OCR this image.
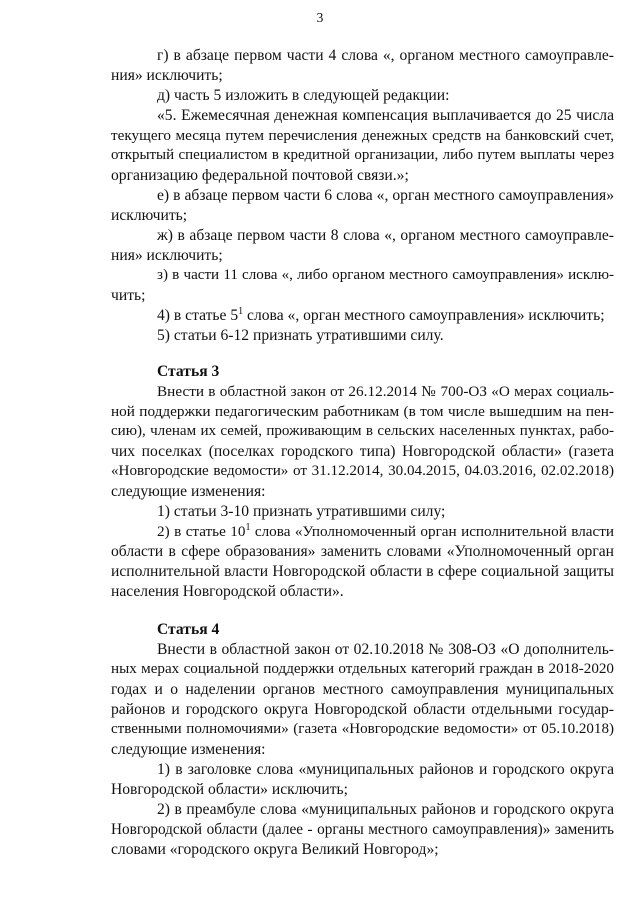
3
г) в абзаце первом части 4 слова «, органом местного самоуправле-
ния» исключить;
д) часть 5 изложить в следующей редакции:
«5. Ежемесячная денежная компенсация выплачивается до 25 числа
текущего месяца путем перечисления денежных средств на банковский счет,
открытый специалистом в кредитной организации, либо путем выплаты через
организацию федеральной почтовой связи.»;
е) в абзаце первом части 6 слова «, орган местного самоуправления»
исключить;
ж) в абзаце первом части 8 слова «, органом местного самоуправле-
ния» исключить;
з) в части 11 слова «, либо органом местного самоуправления» исклю-
чить;
4) в статье $5^1$ слова «, орган местного самоуправления» исключить;
5) статьи 6-12 признать утратившими силу.
Статья 3
Внести в областной закон от 26.12.2014 № 700-ОЗ «О мерах социаль-
ной поддержки педагогическим работникам (в том числе вышедшим на пен-
сию), членам их семей, проживающим в сельских населенных пунктах, рабо-
чих поселках (поселках городского типа) Новгородской области» (газета
«Новгородские ведомости» от 31.12.2014, 30.04.2015, 04.03.2016, 02.02.2018)
следующие изменения:
1) статьи 3-10 признать утратившими силу;
2) в статье $10^1$ слова «Уполномоченный орган исполнительной власти
области в сфере образования» заменить словами «Уполномоченный орган
исполнительной власти Новгородской области в сфере социальной защиты
населения Новгородской области».
Статья 4
Внести в областной закон от 02.10.2018 № 308-ОЗ «О дополнитель-
ных мерах социальной поддержки отдельных категорий граждан в 2018-2020
годах и о наделении органов местного самоуправления муниципальных
районов и городского округа Новгородской области отдельными государ-
ственными полномочиями» (газета «Новгородские ведомости» от 05.10.2018)
следующие изменения:
1) в заголовке слова «муниципальных районов и городского округа
Новгородской области» исключить;
2) в преамбуле слова «муниципальных районов и городского округа
Новгородской области (далее - органы местного самоуправления)» заменить
словами «городского округа Великий Новгород»;
